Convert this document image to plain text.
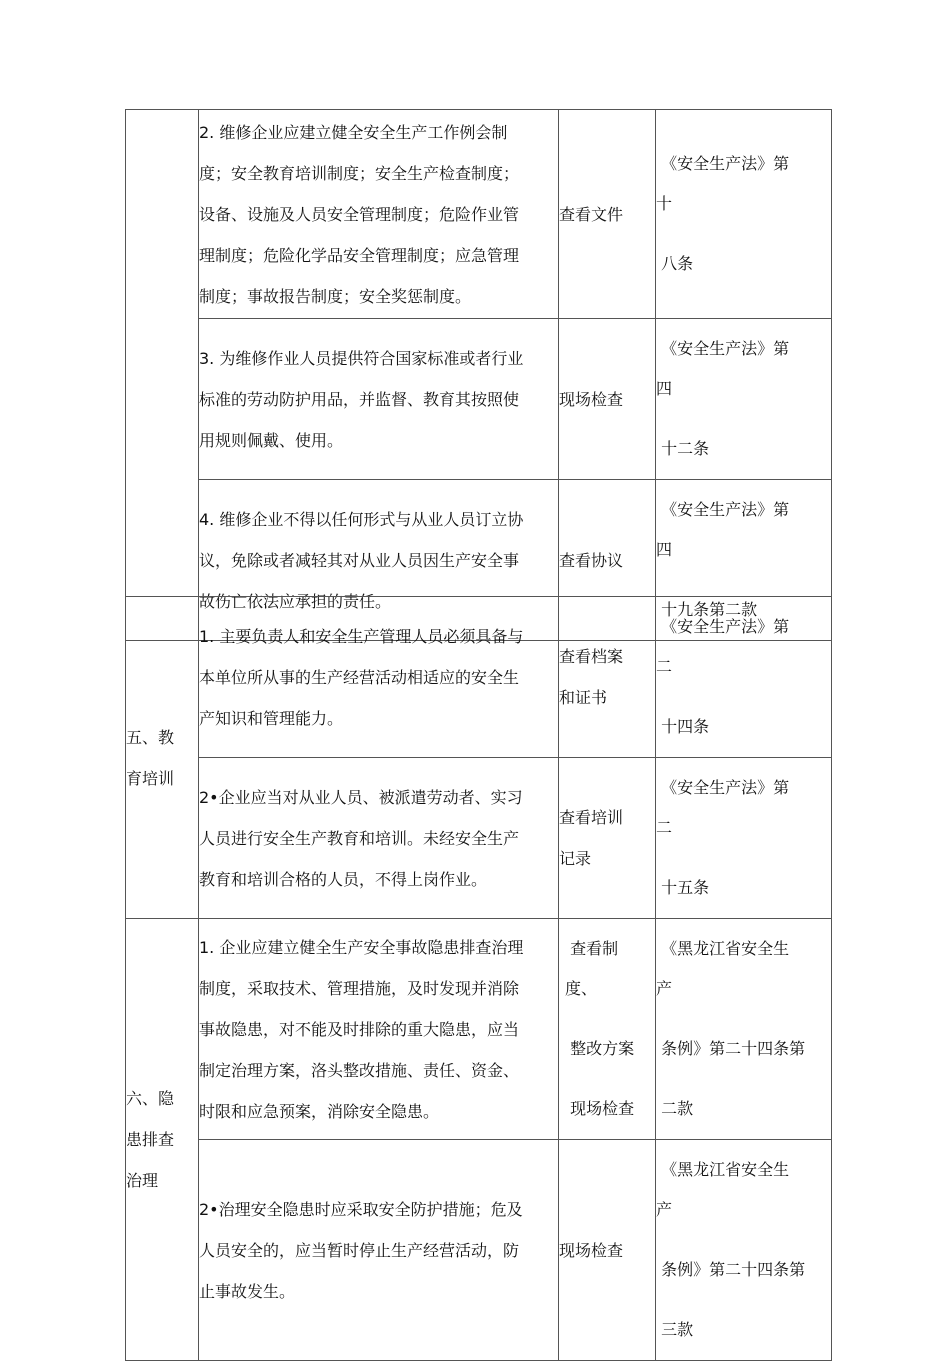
	2. 维修企业应建立健全安全生产工作例会制
度；安全教育培训制度；安全生产检查制度；
设备、设施及人员安全管理制度；危险作业管
理制度；危险化学品安全管理制度；应急管理
制度；事故报告制度；安全奖惩制度。	查看文件	《安全生产法》第

十

八条

	3. 为维修作业人员提供符合国家标准或者行业
标准的劳动防护用品，并监督、教育其按照使
用规则佩戴、使用。	现场检查	《安全生产法》第

四

十二条

	4. 维修企业不得以任何形式与从业人员订立协
议，免除或者减轻其对从业人员因生产安全事
故伤亡依法应承担的责任。	查看协议	《安全生产法》第

四

十九条第二款

五、教
育培训	1. 主要负责人和安全生产管理人员必须具备与
本单位所从事的生产经营活动相适应的安全生
产知识和管理能力。	查看档案
和证书	《安全生产法》第

二

十四条

	2•企业应当对从业人员、被派遣劳动者、实习
人员进行安全生产教育和培训。未经安全生产
教育和培训合格的人员，不得上岗作业。	查看培训
记录	《安全生产法》第

二

十五条

六、隐
患排查
治理	1. 企业应建立健全生产安全事故隐患排查治理
制度，采取技术、管理措施，及时发现并消除
事故隐患，对不能及时排除的重大隐患，应当
制定治理方案，洛头整改措施、责任、资金、
时限和应急预案，消除安全隐患。	查看制

度、

整改方案

现场检查	《黑龙江省安全生

产

条例》第二十四条第

二款

	2•治理安全隐患时应采取安全防护措施；危及
人员安全的，应当暂时停止生产经营活动，防
止事故发生。	现场检查	《黑龙江省安全生

产

条例》第二十四条第

三款
